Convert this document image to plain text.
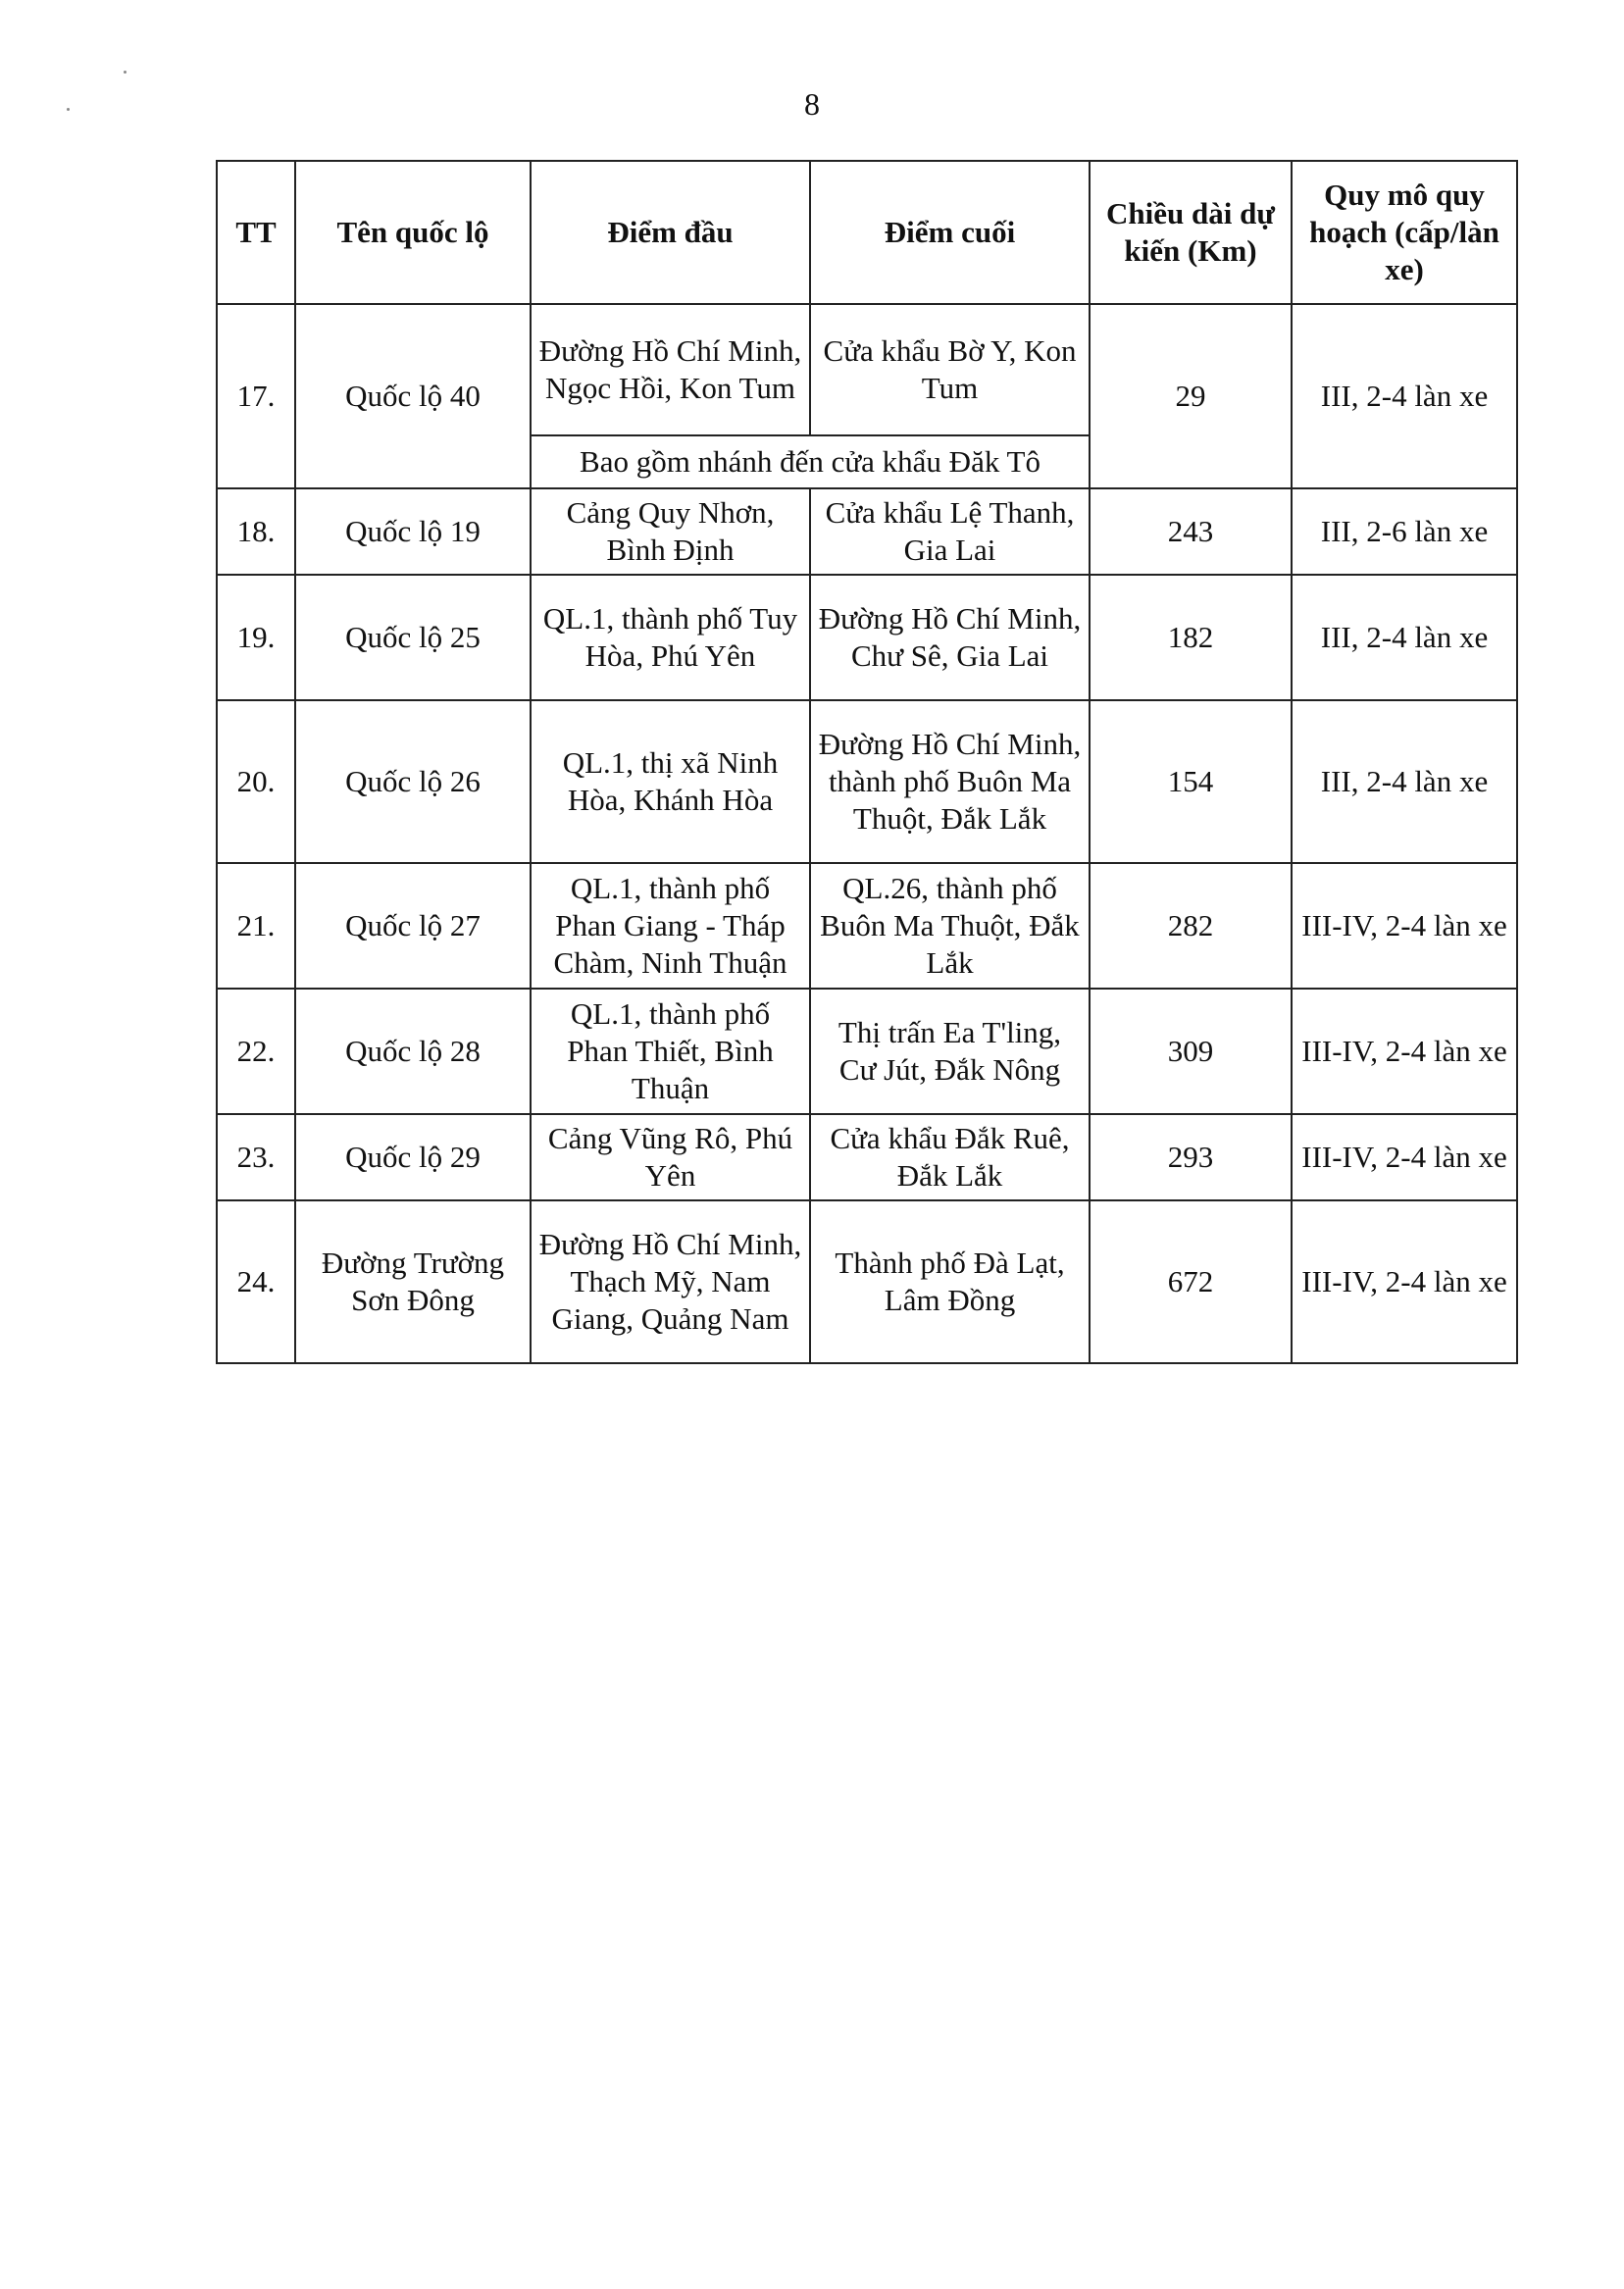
8
TT	Tên quốc lộ	Điểm đầu	Điểm cuối	Chiều dài dự kiến (Km)	Quy mô quy hoạch (cấp/làn xe)
17.	Quốc lộ 40	Đường Hồ Chí Minh, Ngọc Hồi, Kon Tum	Cửa khẩu Bờ Y, Kon Tum	29	III, 2-4 làn xe
		Bao gồm nhánh đến cửa khẩu Đăk Tô			
18.	Quốc lộ 19	Cảng Quy Nhơn, Bình Định	Cửa khẩu Lệ Thanh, Gia Lai	243	III, 2-6 làn xe
19.	Quốc lộ 25	QL.1, thành phố Tuy Hòa, Phú Yên	Đường Hồ Chí Minh, Chư Sê, Gia Lai	182	III, 2-4 làn xe
20.	Quốc lộ 26	QL.1, thị xã Ninh Hòa, Khánh Hòa	Đường Hồ Chí Minh, thành phố Buôn Ma Thuột, Đắk Lắk	154	III, 2-4 làn xe
21.	Quốc lộ 27	QL.1, thành phố Phan Giang - Tháp Chàm, Ninh Thuận	QL.26, thành phố Buôn Ma Thuột, Đắk Lắk	282	III-IV, 2-4 làn xe
22.	Quốc lộ 28	QL.1, thành phố Phan Thiết, Bình Thuận	Thị trấn Ea T'ling, Cư Jút, Đắk Nông	309	III-IV, 2-4 làn xe
23.	Quốc lộ 29	Cảng Vũng Rô, Phú Yên	Cửa khẩu Đắk Ruê, Đắk Lắk	293	III-IV, 2-4 làn xe
24.	Đường Trường Sơn Đông	Đường Hồ Chí Minh, Thạch Mỹ, Nam Giang, Quảng Nam	Thành phố Đà Lạt, Lâm Đồng	672	III-IV, 2-4 làn xe
